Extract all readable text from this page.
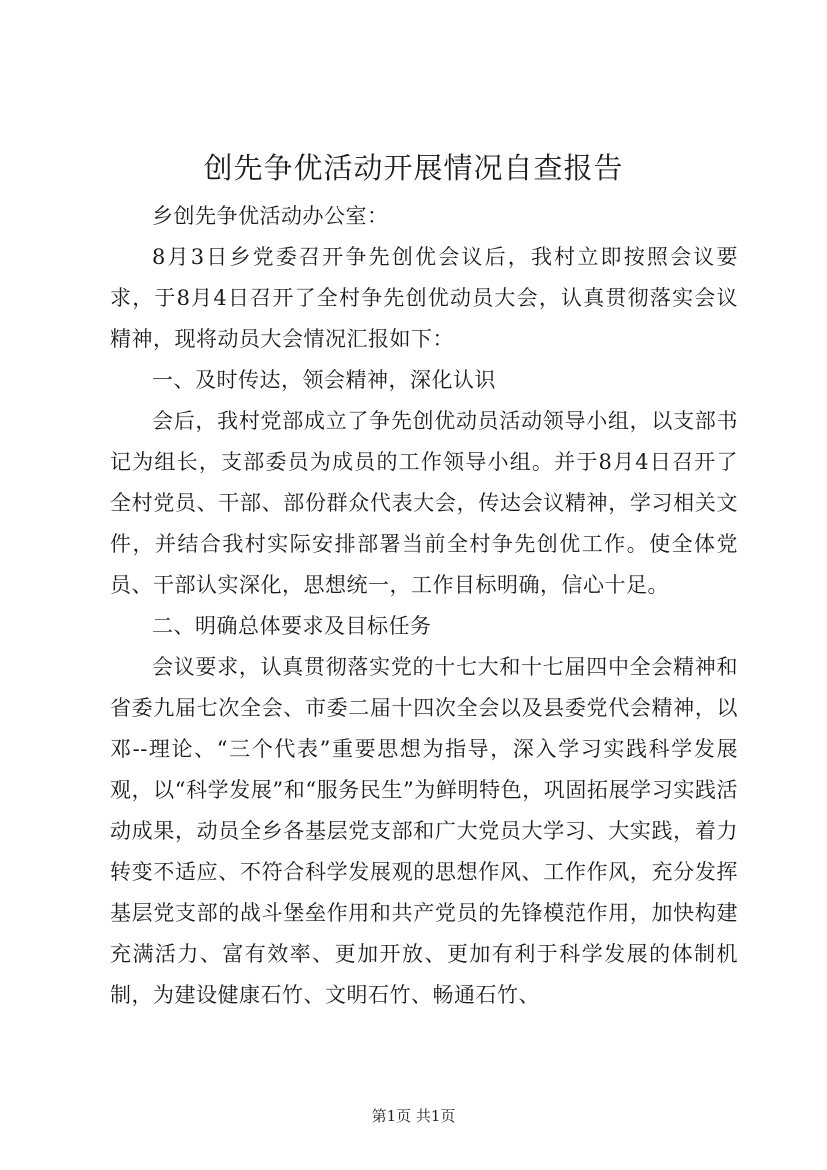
创先争优活动开展情况自查报告

乡创先争优活动办公室：

8月3日乡党委召开争先创优会议后，我村立即按照会议要求，于8月4日召开了全村争先创优动员大会，认真贯彻落实会议精神，现将动员大会情况汇报如下：

一、及时传达，领会精神，深化认识

会后，我村党部成立了争先创优动员活动领导小组，以支部书记为组长，支部委员为成员的工作领导小组。并于8月4日召开了全村党员、干部、部份群众代表大会，传达会议精神，学习相关文件，并结合我村实际安排部署当前全村争先创优工作。使全体党员、干部认实深化，思想统一，工作目标明确，信心十足。

二、明确总体要求及目标任务

会议要求，认真贯彻落实党的十七大和十七届四中全会精神和省委九届七次全会、市委二届十四次全会以及县委党代会精神，以邓--理论、“三个代表”重要思想为指导，深入学习实践科学发展观，以“科学发展”和“服务民生”为鲜明特色，巩固拓展学习实践活动成果，动员全乡各基层党支部和广大党员大学习、大实践，着力转变不适应、不符合科学发展观的思想作风、工作作风，充分发挥基层党支部的战斗堡垒作用和共产党员的先锋模范作用，加快构建充满活力、富有效率、更加开放、更加有利于科学发展的体制机制，为建设健康石竹、文明石竹、畅通石竹、

第1页 共1页
